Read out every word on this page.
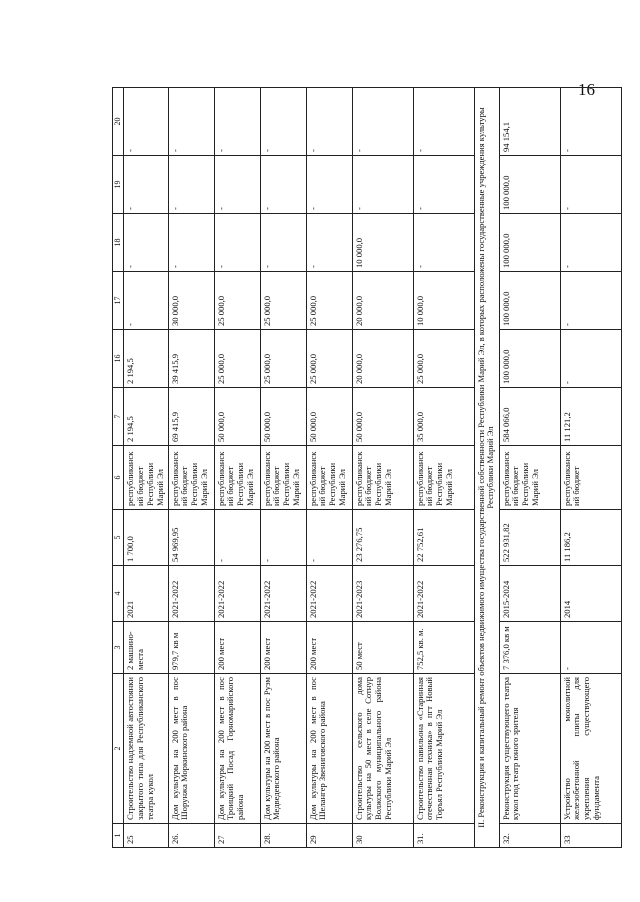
16
1	2	3	4	5	6	7	16	17	18	19	20
25	Строительство надземной автостоянки закрытого типа для Республиканского театра кукол	2 машино-места	2021	1 700,0	республиканский бюджет Республики Марий Эл	2 194,5	2 194,5	-	-	-	-
26.	Дом культуры на 200 мест в пос Шорунжа Моркинского района	979,7 кв м	2021-2022	54 969,95	республиканский бюджет Республики Марий Эл	69 415,9	39 415,9	30 000,0	-	-	-
27	Дом культуры на 200 мест в пос Троицкий Посад Горномарийского района	200 мест	2021-2022	-	республиканский бюджет Республики Марий Эл	50 000,0	25 000,0	25 000,0	-	-	-
28.	Дом культуры на 200 мест в пос Руэм Медведевского района	200 мест	2021-2022	-	республиканский бюджет Республики Марий Эл	50 000,0	25 000,0	25 000,0	-	-	-
29	Дом культуры на 200 мест в пос Шелангер Звениговского района	200 мест	2021-2022	-	республиканский бюджет Республики Марий Эл	50 000,0	25 000,0	25 000,0	-	-	-
30	Строительство сельского дома культуры на 50 мест в селе Сотнур Волжского муниципального района Республики Марий Эл	50 мест	2021-2023	23 276,75	республиканский бюджет Республики Марий Эл	50 000,0	20 000,0	20 000,0	10 000,0	-	-
31.	Строительство павильона «Старинная отечественная техника» в пгт Новый Торъял Республики Марий Эл	752,5 кв. м.	2021-2022	22 752,61	республиканский бюджет Республики Марий Эл	35 000,0	25 000,0	10 000,0	-	-	-
II. Реконструкция и капитальный ремонт объектов недвижимого имущества государственной собственности Республики Марий Эл, в которых расположены государственные учреждения культуры Республики Марий Эл											
32.	Реконструкция существующего театра кукол под театр юного зрителя	7 376,0 кв м	2015-2024	522 931,82	республиканский бюджет Республики Марий Эл	584 066,0	100 000,0	100 000,0	100 000,0	100 000,0	94 154,1
33	Устройство монолитной железобетонной плиты для укрепления существующего фундамента	-	2014	11 186,2	республиканский бюджет	11 121,2	-	-	-	-	-
